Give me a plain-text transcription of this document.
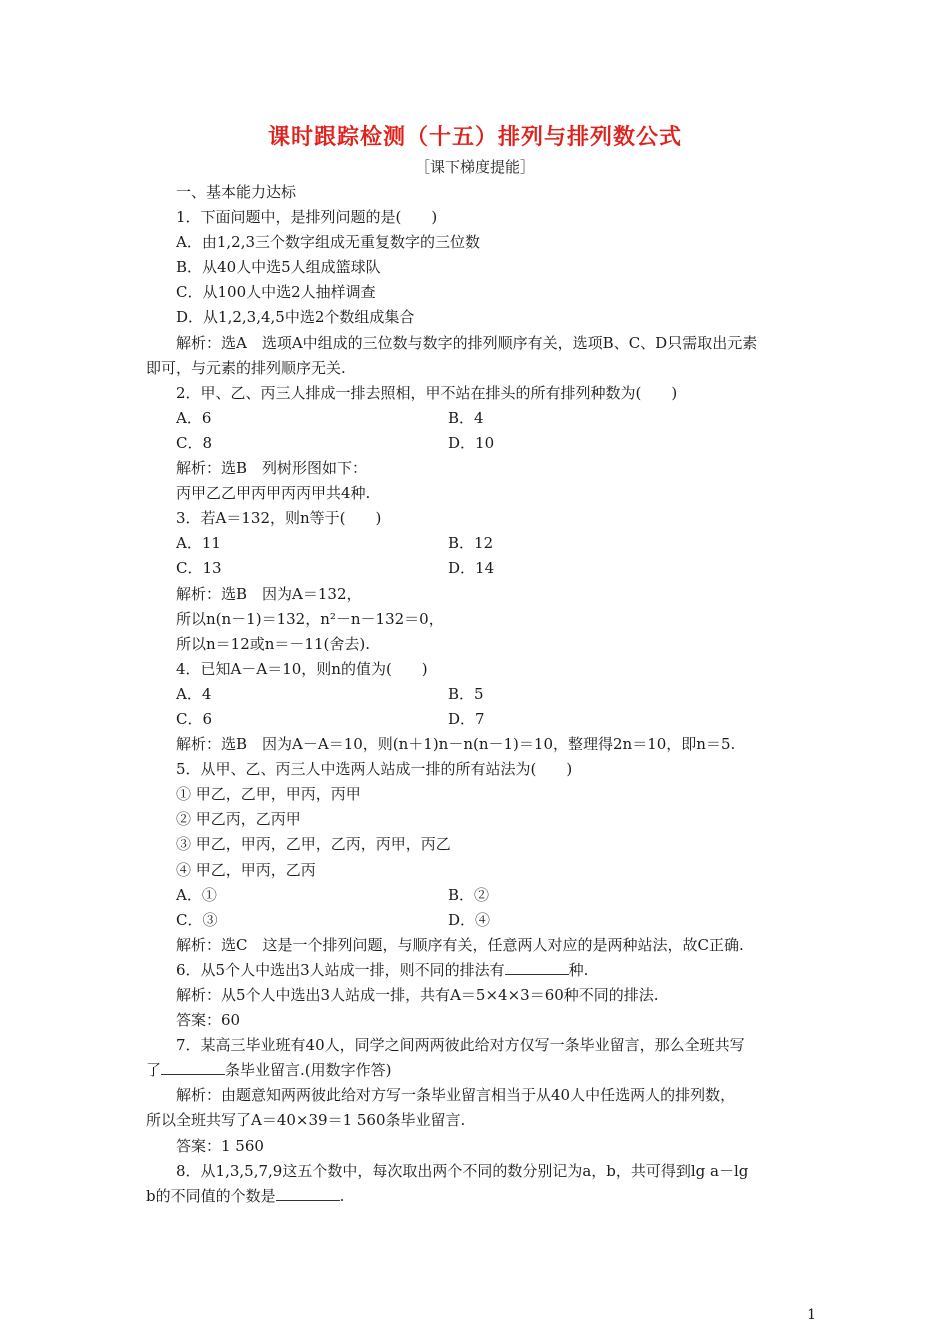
课时跟踪检测（十五）排列与排列数公式
［课下梯度提能］
一、基本能力达标
1．下面问题中，是排列问题的是(　　)
A．由1,2,3三个数字组成无重复数字的三位数
B．从40人中选5人组成篮球队
C．从100人中选2人抽样调查
D．从1,2,3,4,5中选2个数组成集合
解析：选A　选项A中组成的三位数与数字的排列顺序有关，选项B、C、D只需取出元素
即可，与元素的排列顺序无关.
2．甲、乙、丙三人排成一排去照相，甲不站在排头的所有排列种数为(　　)
A．6	B．4
C．8	D．10
解析：选B　列树形图如下：
丙甲乙乙甲丙甲丙丙甲共4种.
3．若A＝132，则n等于(　　)
A．11	B．12
C．13	D．14
解析：选B　因为A＝132，
所以n(n－1)＝132，n²－n－132＝0，
所以n＝12或n＝－11(舍去).
4．已知A－A＝10，则n的值为(　　)
A．4	B．5
C．6	D．7
解析：选B　因为A－A＝10，则(n＋1)n－n(n－1)＝10，整理得2n＝10，即n＝5.
5．从甲、乙、丙三人中选两人站成一排的所有站法为(　　)
① 甲乙，乙甲，甲丙，丙甲
② 甲乙丙，乙丙甲
③ 甲乙，甲丙，乙甲，乙丙，丙甲，丙乙
④ 甲乙，甲丙，乙丙
A．①	B．②
C．③	D．④
解析：选C　这是一个排列问题，与顺序有关，任意两人对应的是两种站法，故C正确.
6．从5个人中选出3人站成一排，则不同的排法有	种.
解析：从5个人中选出3人站成一排，共有A＝5×4×3＝60种不同的排法.
答案：60
7．某高三毕业班有40人，同学之间两两彼此给对方仅写一条毕业留言，那么全班共写
了	条毕业留言.(用数字作答)
解析：由题意知两两彼此给对方写一条毕业留言相当于从40人中任选两人的排列数，
所以全班共写了A＝40×39＝1 560条毕业留言.
答案：1 560
8．从1,3,5,7,9这五个数中，每次取出两个不同的数分别记为a，b，共可得到lg a－lg
b的不同值的个数是	.
1
